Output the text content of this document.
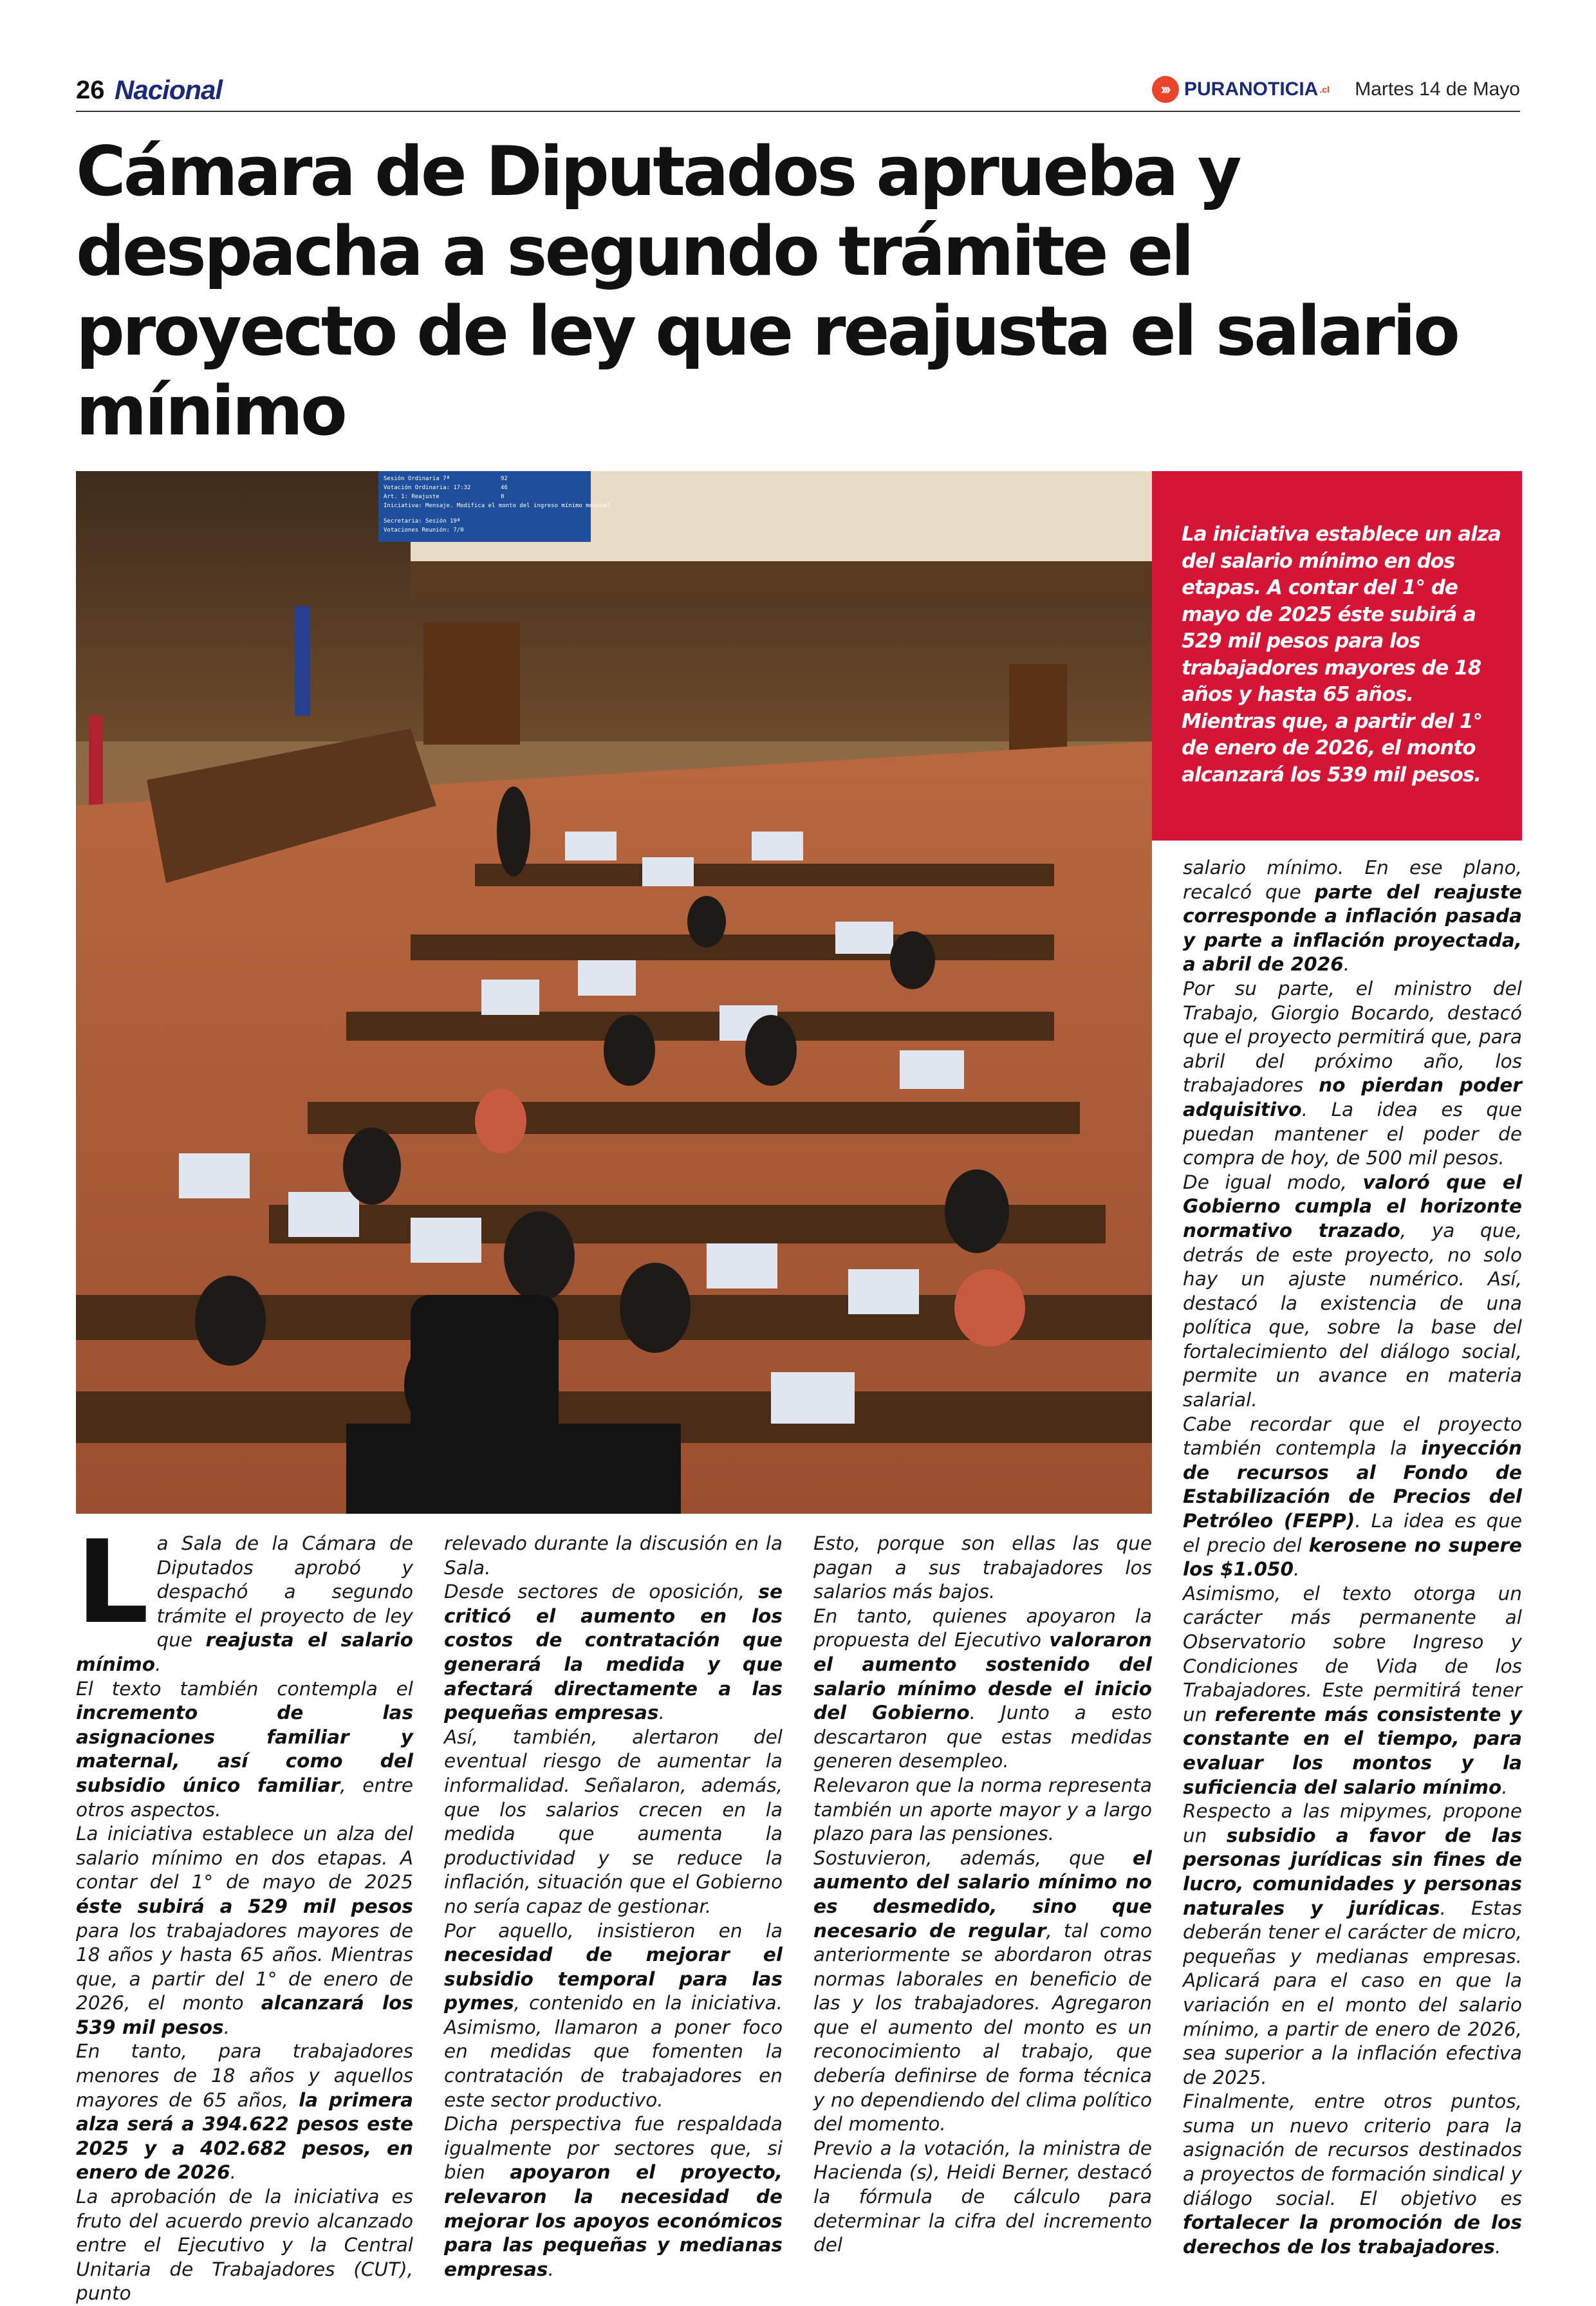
26 Nacional	››› PURANOTICIA .cl Martes 14 de Mayo
Cámara de Diputados aprueba y despacha a segundo trámite el proyecto de ley que reajusta el salario mínimo
Sesión Ordinaria 7ª
Votación Ordinaria: 17:32
Art. 1: Reajuste
Iniciativa: Mensaje. Modifica el monto del ingreso mínimo mensual
Secretaria: Sesión 19ª
Votaciones Reunión: 7/0
92
46
0

La iniciativa establece un alza del salario mínimo en dos etapas. A contar del 1° de mayo de 2025 éste subirá a 529 mil pesos para los trabajadores mayores de 18 años y hasta 65 años. Mientras que, a partir del 1° de enero de 2026, el monto alcanzará los 539 mil pesos.

L a Sala de la Cámara de Diputados aprobó y despachó a segundo trámite el proyecto de ley que reajusta el salario mínimo.

El texto también contempla el incremento de las asignaciones familiar y maternal, así como del subsidio único familiar, entre otros aspectos.

La iniciativa establece un alza del salario mínimo en dos etapas. A contar del 1° de mayo de 2025 éste subirá a 529 mil pesos para los trabajadores mayores de 18 años y hasta 65 años. Mientras que, a partir del 1° de enero de 2026, el monto alcanzará los 539 mil pesos.

En tanto, para trabajadores menores de 18 años y aquellos mayores de 65 años, la primera alza será a 394.622 pesos este 2025 y a 402.682 pesos, en enero de 2026.

La aprobación de la iniciativa es fruto del acuerdo previo alcanzado entre el Ejecutivo y la Central Unitaria de Trabajadores (CUT), punto

relevado durante la discusión en la Sala.

Desde sectores de oposición, se criticó el aumento en los costos de contratación que generará la medida y que afectará directamente a las pequeñas empresas.

Así, también, alertaron del eventual riesgo de aumentar la informalidad. Señalaron, además, que los salarios crecen en la medida que aumenta la productividad y se reduce la inflación, situación que el Gobierno no sería capaz de gestionar.

Por aquello, insistieron en la necesidad de mejorar el subsidio temporal para las pymes, contenido en la iniciativa. Asimismo, llamaron a poner foco en medidas que fomenten la contratación de trabajadores en este sector productivo.

Dicha perspectiva fue respaldada igualmente por sectores que, si bien apoyaron el proyecto, relevaron la necesidad de mejorar los apoyos económicos para las pequeñas y medianas empresas.

Esto, porque son ellas las que pagan a sus trabajadores los salarios más bajos.

En tanto, quienes apoyaron la propuesta del Ejecutivo valoraron el aumento sostenido del salario mínimo desde el inicio del Gobierno. Junto a esto descartaron que estas medidas generen desempleo.

Relevaron que la norma representa también un aporte mayor y a largo plazo para las pensiones.

Sostuvieron, además, que el aumento del salario mínimo no es desmedido, sino que necesario de regular, tal como anteriormente se abordaron otras normas laborales en beneficio de las y los trabajadores. Agregaron que el aumento del monto es un reconocimiento al trabajo, que debería definirse de forma técnica y no dependiendo del clima político del momento.

Previo a la votación, la ministra de Hacienda (s), Heidi Berner, destacó la fórmula de cálculo para determinar la cifra del incremento del

salario mínimo. En ese plano, recalcó que parte del reajuste corresponde a inflación pasada y parte a inflación proyectada, a abril de 2026.

Por su parte, el ministro del Trabajo, Giorgio Bocardo, destacó que el proyecto permitirá que, para abril del próximo año, los trabajadores no pierdan poder adquisitivo. La idea es que puedan mantener el poder de compra de hoy, de 500 mil pesos.

De igual modo, valoró que el Gobierno cumpla el horizonte normativo trazado, ya que, detrás de este proyecto, no solo hay un ajuste numérico. Así, destacó la existencia de una política que, sobre la base del fortalecimiento del diálogo social, permite un avance en materia salarial.

Cabe recordar que el proyecto también contempla la inyección de recursos al Fondo de Estabilización de Precios del Petróleo (FEPP). La idea es que el precio del kerosene no supere los $1.050.

Asimismo, el texto otorga un carácter más permanente al Observatorio sobre Ingreso y Condiciones de Vida de los Trabajadores. Este permitirá tener un referente más consistente y constante en el tiempo, para evaluar los montos y la suficiencia del salario mínimo.

Respecto a las mipymes, propone un subsidio a favor de las personas jurídicas sin fines de lucro, comunidades y personas naturales y jurídicas. Estas deberán tener el carácter de micro, pequeñas y medianas empresas. Aplicará para el caso en que la variación en el monto del salario mínimo, a partir de enero de 2026, sea superior a la inflación efectiva de 2025.

Finalmente, entre otros puntos, suma un nuevo criterio para la asignación de recursos destinados a proyectos de formación sindical y diálogo social. El objetivo es fortalecer la promoción de los derechos de los trabajadores.
